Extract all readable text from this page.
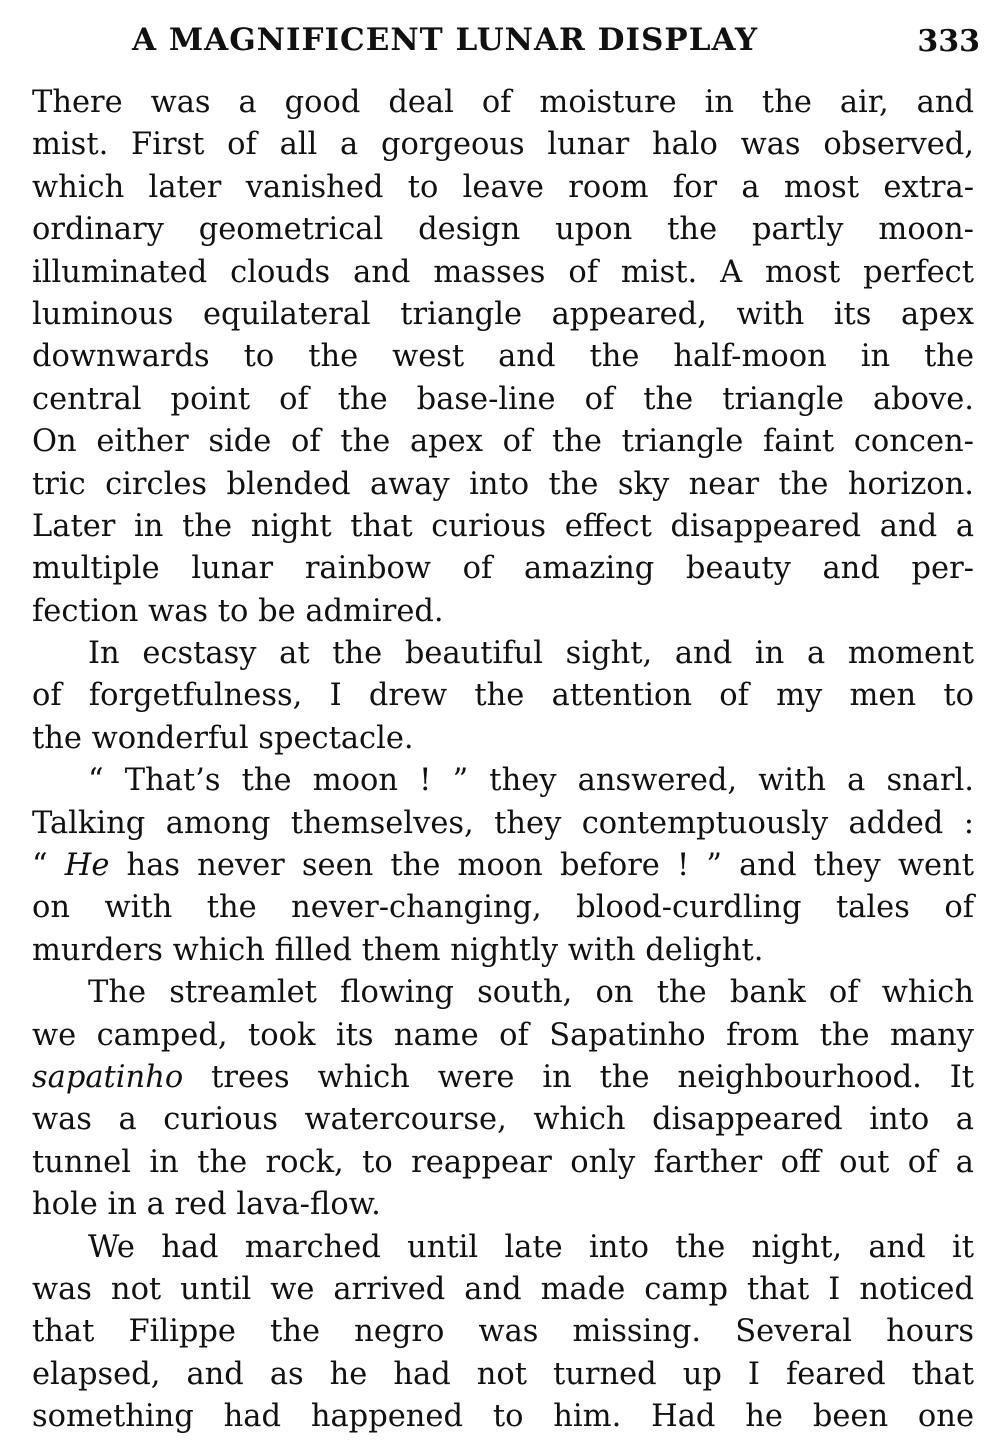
A MAGNIFICENT LUNAR DISPLAY	333
There was a good deal of moisture in the air, and
mist. First of all a gorgeous lunar halo was observed,
which later vanished to leave room for a most extra-
ordinary geometrical design upon the partly moon-
illuminated clouds and masses of mist. A most perfect
luminous equilateral triangle appeared, with its apex
downwards to the west and the half-moon in the
central point of the base-line of the triangle above.
On either side of the apex of the triangle faint concen-
tric circles blended away into the sky near the horizon.
Later in the night that curious effect disappeared and a
multiple lunar rainbow of amazing beauty and per-
fection was to be admired.
In ecstasy at the beautiful sight, and in a moment
of forgetfulness, I drew the attention of my men to
the wonderful spectacle.
“ That’s the moon ! ” they answered, with a snarl.
Talking among themselves, they contemptuously added :
“ He has never seen the moon before ! ” and they went
on with the never-changing, blood-curdling tales of
murders which filled them nightly with delight.
The streamlet flowing south, on the bank of which
we camped, took its name of Sapatinho from the many
sapatinho trees which were in the neighbourhood. It
was a curious watercourse, which disappeared into a
tunnel in the rock, to reappear only farther off out of a
hole in a red lava-flow.
We had marched until late into the night, and it
was not until we arrived and made camp that I noticed
that Filippe the negro was missing. Several hours
elapsed, and as he had not turned up I feared that
something had happened to him. Had he been one
